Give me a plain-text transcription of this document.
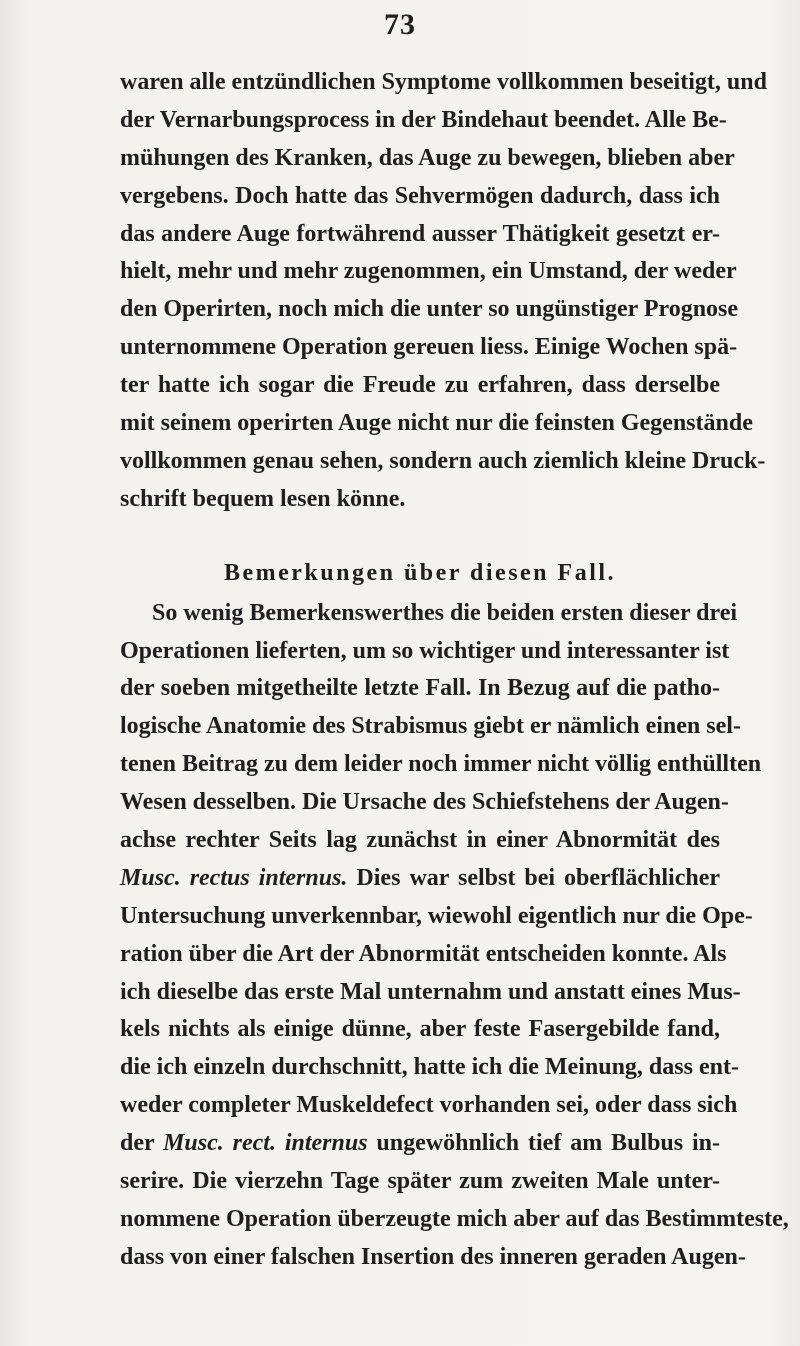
73
waren alle entzündlichen Symptome vollkommen beseitigt, und
der Vernarbungsprocess in der Bindehaut beendet. Alle Be-
mühungen des Kranken, das Auge zu bewegen, blieben aber
vergebens. Doch hatte das Sehvermögen dadurch, dass ich
das andere Auge fortwährend ausser Thätigkeit gesetzt er-
hielt, mehr und mehr zugenommen, ein Umstand, der weder
den Operirten, noch mich die unter so ungünstiger Prognose
unternommene Operation gereuen liess. Einige Wochen spä-
ter hatte ich sogar die Freude zu erfahren, dass derselbe
mit seinem operirten Auge nicht nur die feinsten Gegenstände
vollkommen genau sehen, sondern auch ziemlich kleine Druck-
schrift bequem lesen könne.
Bemerkungen über diesen Fall.
So wenig Bemerkenswerthes die beiden ersten dieser drei
Operationen lieferten, um so wichtiger und interessanter ist
der soeben mitgetheilte letzte Fall. In Bezug auf die patho-
logische Anatomie des Strabismus giebt er nämlich einen sel-
tenen Beitrag zu dem leider noch immer nicht völlig enthüllten
Wesen desselben. Die Ursache des Schiefstehens der Augen-
achse rechter Seits lag zunächst in einer Abnormität des
Musc. rectus internus. Dies war selbst bei oberflächlicher
Untersuchung unverkennbar, wiewohl eigentlich nur die Ope-
ration über die Art der Abnormität entscheiden konnte. Als
ich dieselbe das erste Mal unternahm und anstatt eines Mus-
kels nichts als einige dünne, aber feste Fasergebilde fand,
die ich einzeln durchschnitt, hatte ich die Meinung, dass ent-
weder completer Muskeldefect vorhanden sei, oder dass sich
der Musc. rect. internus ungewöhnlich tief am Bulbus in-
serire. Die vierzehn Tage später zum zweiten Male unter-
nommene Operation überzeugte mich aber auf das Bestimmteste,
dass von einer falschen Insertion des inneren geraden Augen-
